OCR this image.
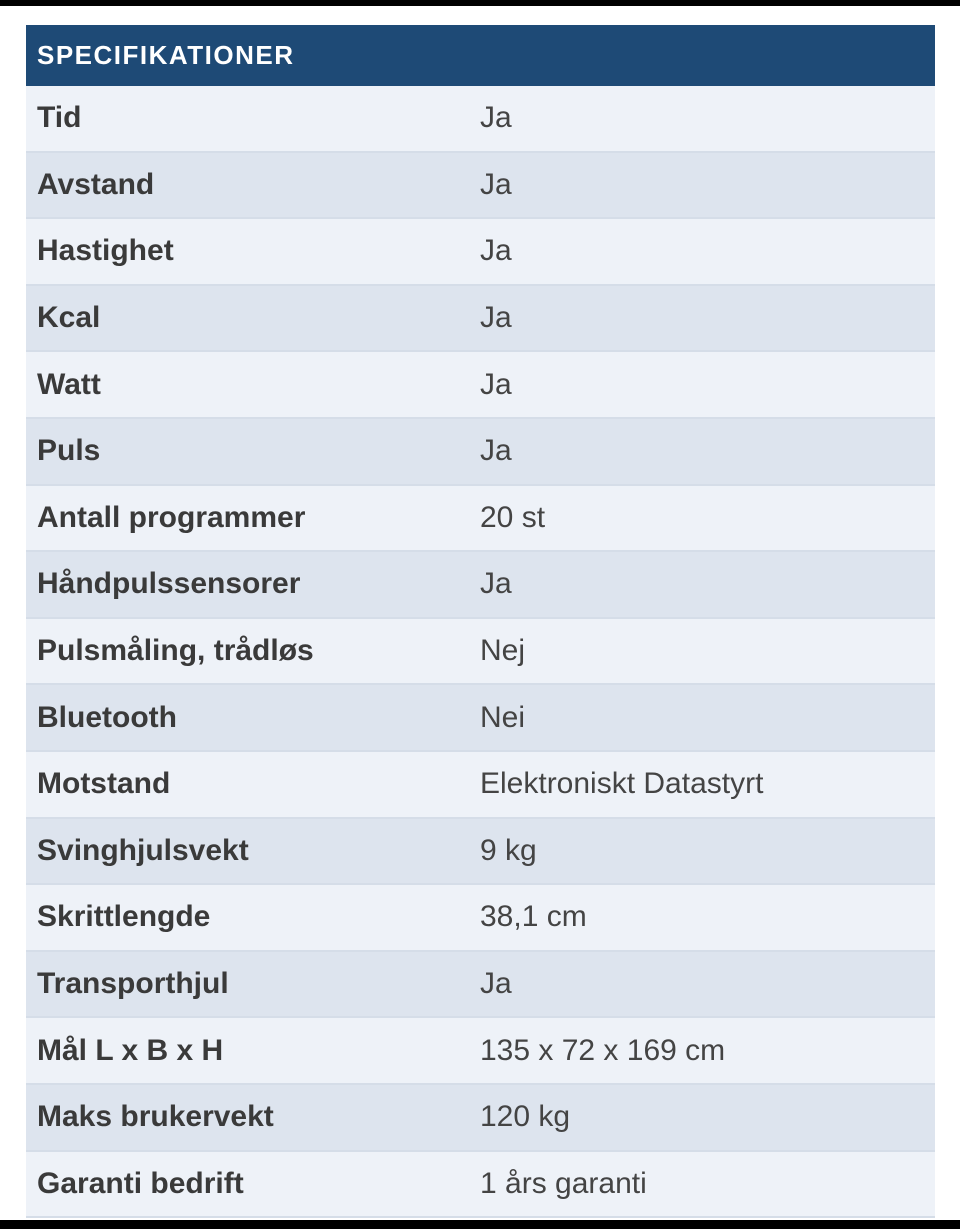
SPECIFIKATIONER
Tid	Ja
Avstand	Ja
Hastighet	Ja
Kcal	Ja
Watt	Ja
Puls	Ja
Antall programmer	20 st
Håndpulssensorer	Ja
Pulsmåling, trådløs	Nej
Bluetooth	Nei
Motstand	Elektroniskt Datastyrt
Svinghjulsvekt	9 kg
Skrittlengde	38,1 cm
Transporthjul	Ja
Mål L x B x H	135 x 72 x 169 cm
Maks brukervekt	120 kg
Garanti bedrift	1 års garanti
